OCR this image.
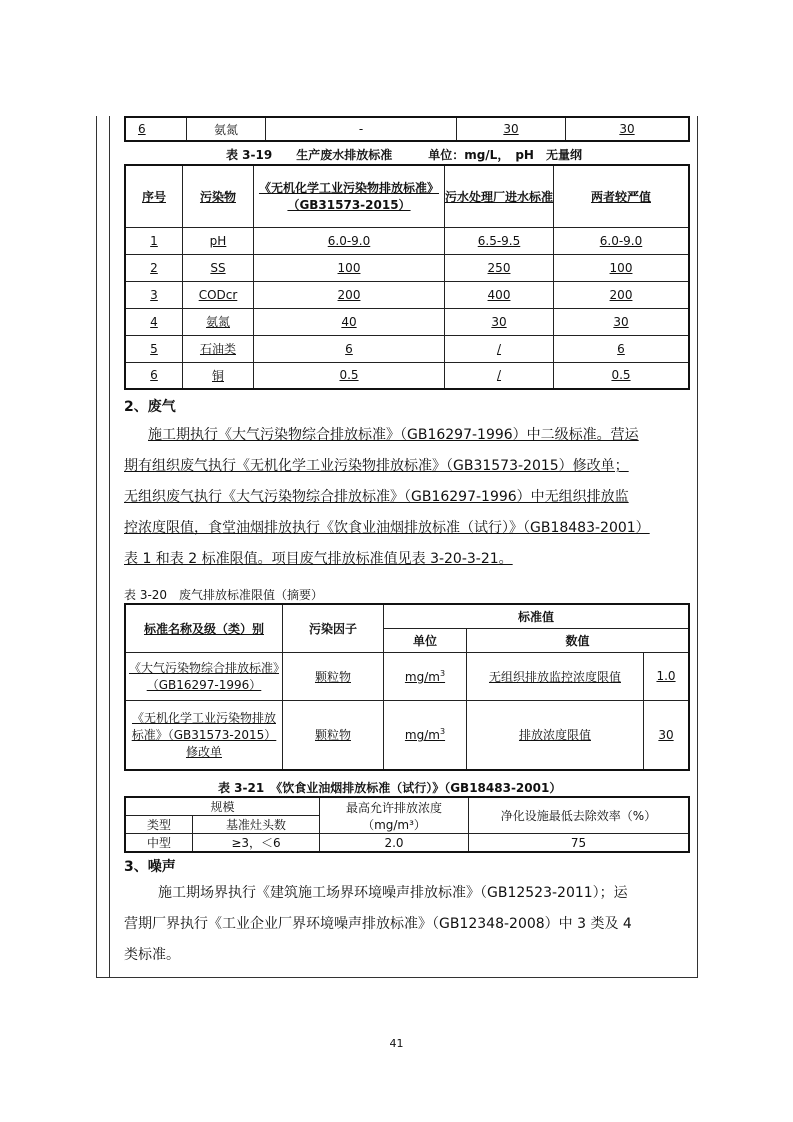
6	氨氮	-	30	30
表 3-19　　生产废水排放标准　　　单位：mg/L，　pH　无量纲
序号	污染物	《无机化学工业污染物排放标准》（GB31573-2015）	污水处理厂进水标准	两者较严值
1	pH	6.0-9.0	6.5-9.5	6.0-9.0
2	SS	100	250	100
3	CODcr	200	400	200
4	氨氮	40	30	30
5	石油类	6	/	6
6	铜	0.5	/	0.5
2、废气
施工期执行《大气污染物综合排放标准》（GB16297-1996）中二级标准。营运
期有组织废气执行《无机化学工业污染物排放标准》（GB31573-2015）修改单；
无组织废气执行《大气污染物综合排放标准》（GB16297-1996）中无组织排放监
控浓度限值，食堂油烟排放执行《饮食业油烟排放标准（试行）》（GB18483-2001）
表 1 和表 2 标准限值。项目废气排放标准值见表 3-20-3-21。
表 3-20　废气排放标准限值（摘要）
标准名称及级（类）别	污染因子	标准值		
		单位	数值	
《大气污染物综合排放标准》（GB16297-1996）	颗粒物	$mg/m^3$	无组织排放监控浓度限值	1.0
《无机化学工业污染物排放标准》（GB31573-2015）修改单	颗粒物	$mg/m^3$	排放浓度限值	30
表 3-21　《饮食业油烟排放标准（试行）》（GB18483-2001）
规模		最高允许排放浓度（mg/m³）	净化设施最低去除效率（%）
类型	基准灶头数		
中型	≥3，＜6	2.0	75
3、噪声
施工期场界执行《建筑施工场界环境噪声排放标准》（GB12523-2011）；运
营期厂界执行《工业企业厂界环境噪声排放标准》（GB12348-2008）中 3 类及 4
类标准。
41
